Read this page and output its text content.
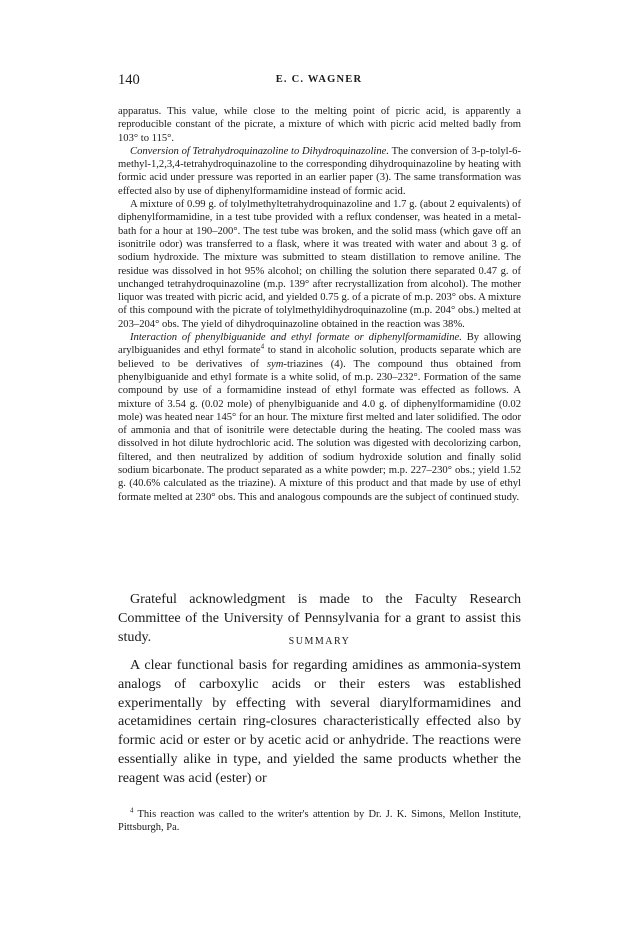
140	E. C. WAGNER

apparatus. This value, while close to the melting point of picric acid, is apparently a reproducible constant of the picrate, a mixture of which with picric acid melted badly from 103° to 115°.

Conversion of Tetrahydroquinazoline to Dihydroquinazoline. The conversion of 3-p-tolyl-6-methyl-1,2,3,4-tetrahydroquinazoline to the corresponding dihydroquinazoline by heating with formic acid under pressure was reported in an earlier paper (3). The same transformation was effected also by use of diphenylformamidine instead of formic acid.

A mixture of 0.99 g. of tolylmethyltetrahydroquinazoline and 1.7 g. (about 2 equivalents) of diphenylformamidine, in a test tube provided with a reflux condenser, was heated in a metal-bath for a hour at 190–200°. The test tube was broken, and the solid mass (which gave off an isonitrile odor) was transferred to a flask, where it was treated with water and about 3 g. of sodium hydroxide. The mixture was submitted to steam distillation to remove aniline. The residue was dissolved in hot 95% alcohol; on chilling the solution there separated 0.47 g. of unchanged tetrahydroquinazoline (m.p. 139° after recrystallization from alcohol). The mother liquor was treated with picric acid, and yielded 0.75 g. of a picrate of m.p. 203° obs. A mixture of this compound with the picrate of tolylmethyldihydroquinazoline (m.p. 204° obs.) melted at 203–204° obs. The yield of dihydroquinazoline obtained in the reaction was 38%.

Interaction of phenylbiguanide and ethyl formate or diphenylformamidine. By allowing arylbiguanides and ethyl formate$^4$ to stand in alcoholic solution, products separate which are believed to be derivatives of sym-triazines (4). The compound thus obtained from phenylbiguanide and ethyl formate is a white solid, of m.p. 230–232°. Formation of the same compound by use of a formamidine instead of ethyl formate was effected as follows. A mixture of 3.54 g. (0.02 mole) of phenylbiguanide and 4.0 g. of diphenylformamidine (0.02 mole) was heated near 145° for an hour. The mixture first melted and later solidified. The odor of ammonia and that of isonitrile were detectable during the heating. The cooled mass was dissolved in hot dilute hydrochloric acid. The solution was digested with decolorizing carbon, filtered, and then neutralized by addition of sodium hydroxide solution and finally solid sodium bicarbonate. The product separated as a white powder; m.p. 227–230° obs.; yield 1.52 g. (40.6% calculated as the triazine). A mixture of this product and that made by use of ethyl formate melted at 230° obs. This and analogous compounds are the subject of continued study.

Grateful acknowledgment is made to the Faculty Research Committee of the University of Pennsylvania for a grant to assist this study.	SUMMARY

A clear functional basis for regarding amidines as ammonia-system analogs of carboxylic acids or their esters was established experimentally by effecting with several diarylformamidines and acetamidines certain ring-closures characteristically effected also by formic acid or ester or by acetic acid or anhydride. The reactions were essentially alike in type, and yielded the same products whether the reagent was acid (ester) or

$^4$ This reaction was called to the writer's attention by Dr. J. K. Simons, Mellon Institute, Pittsburgh, Pa.
